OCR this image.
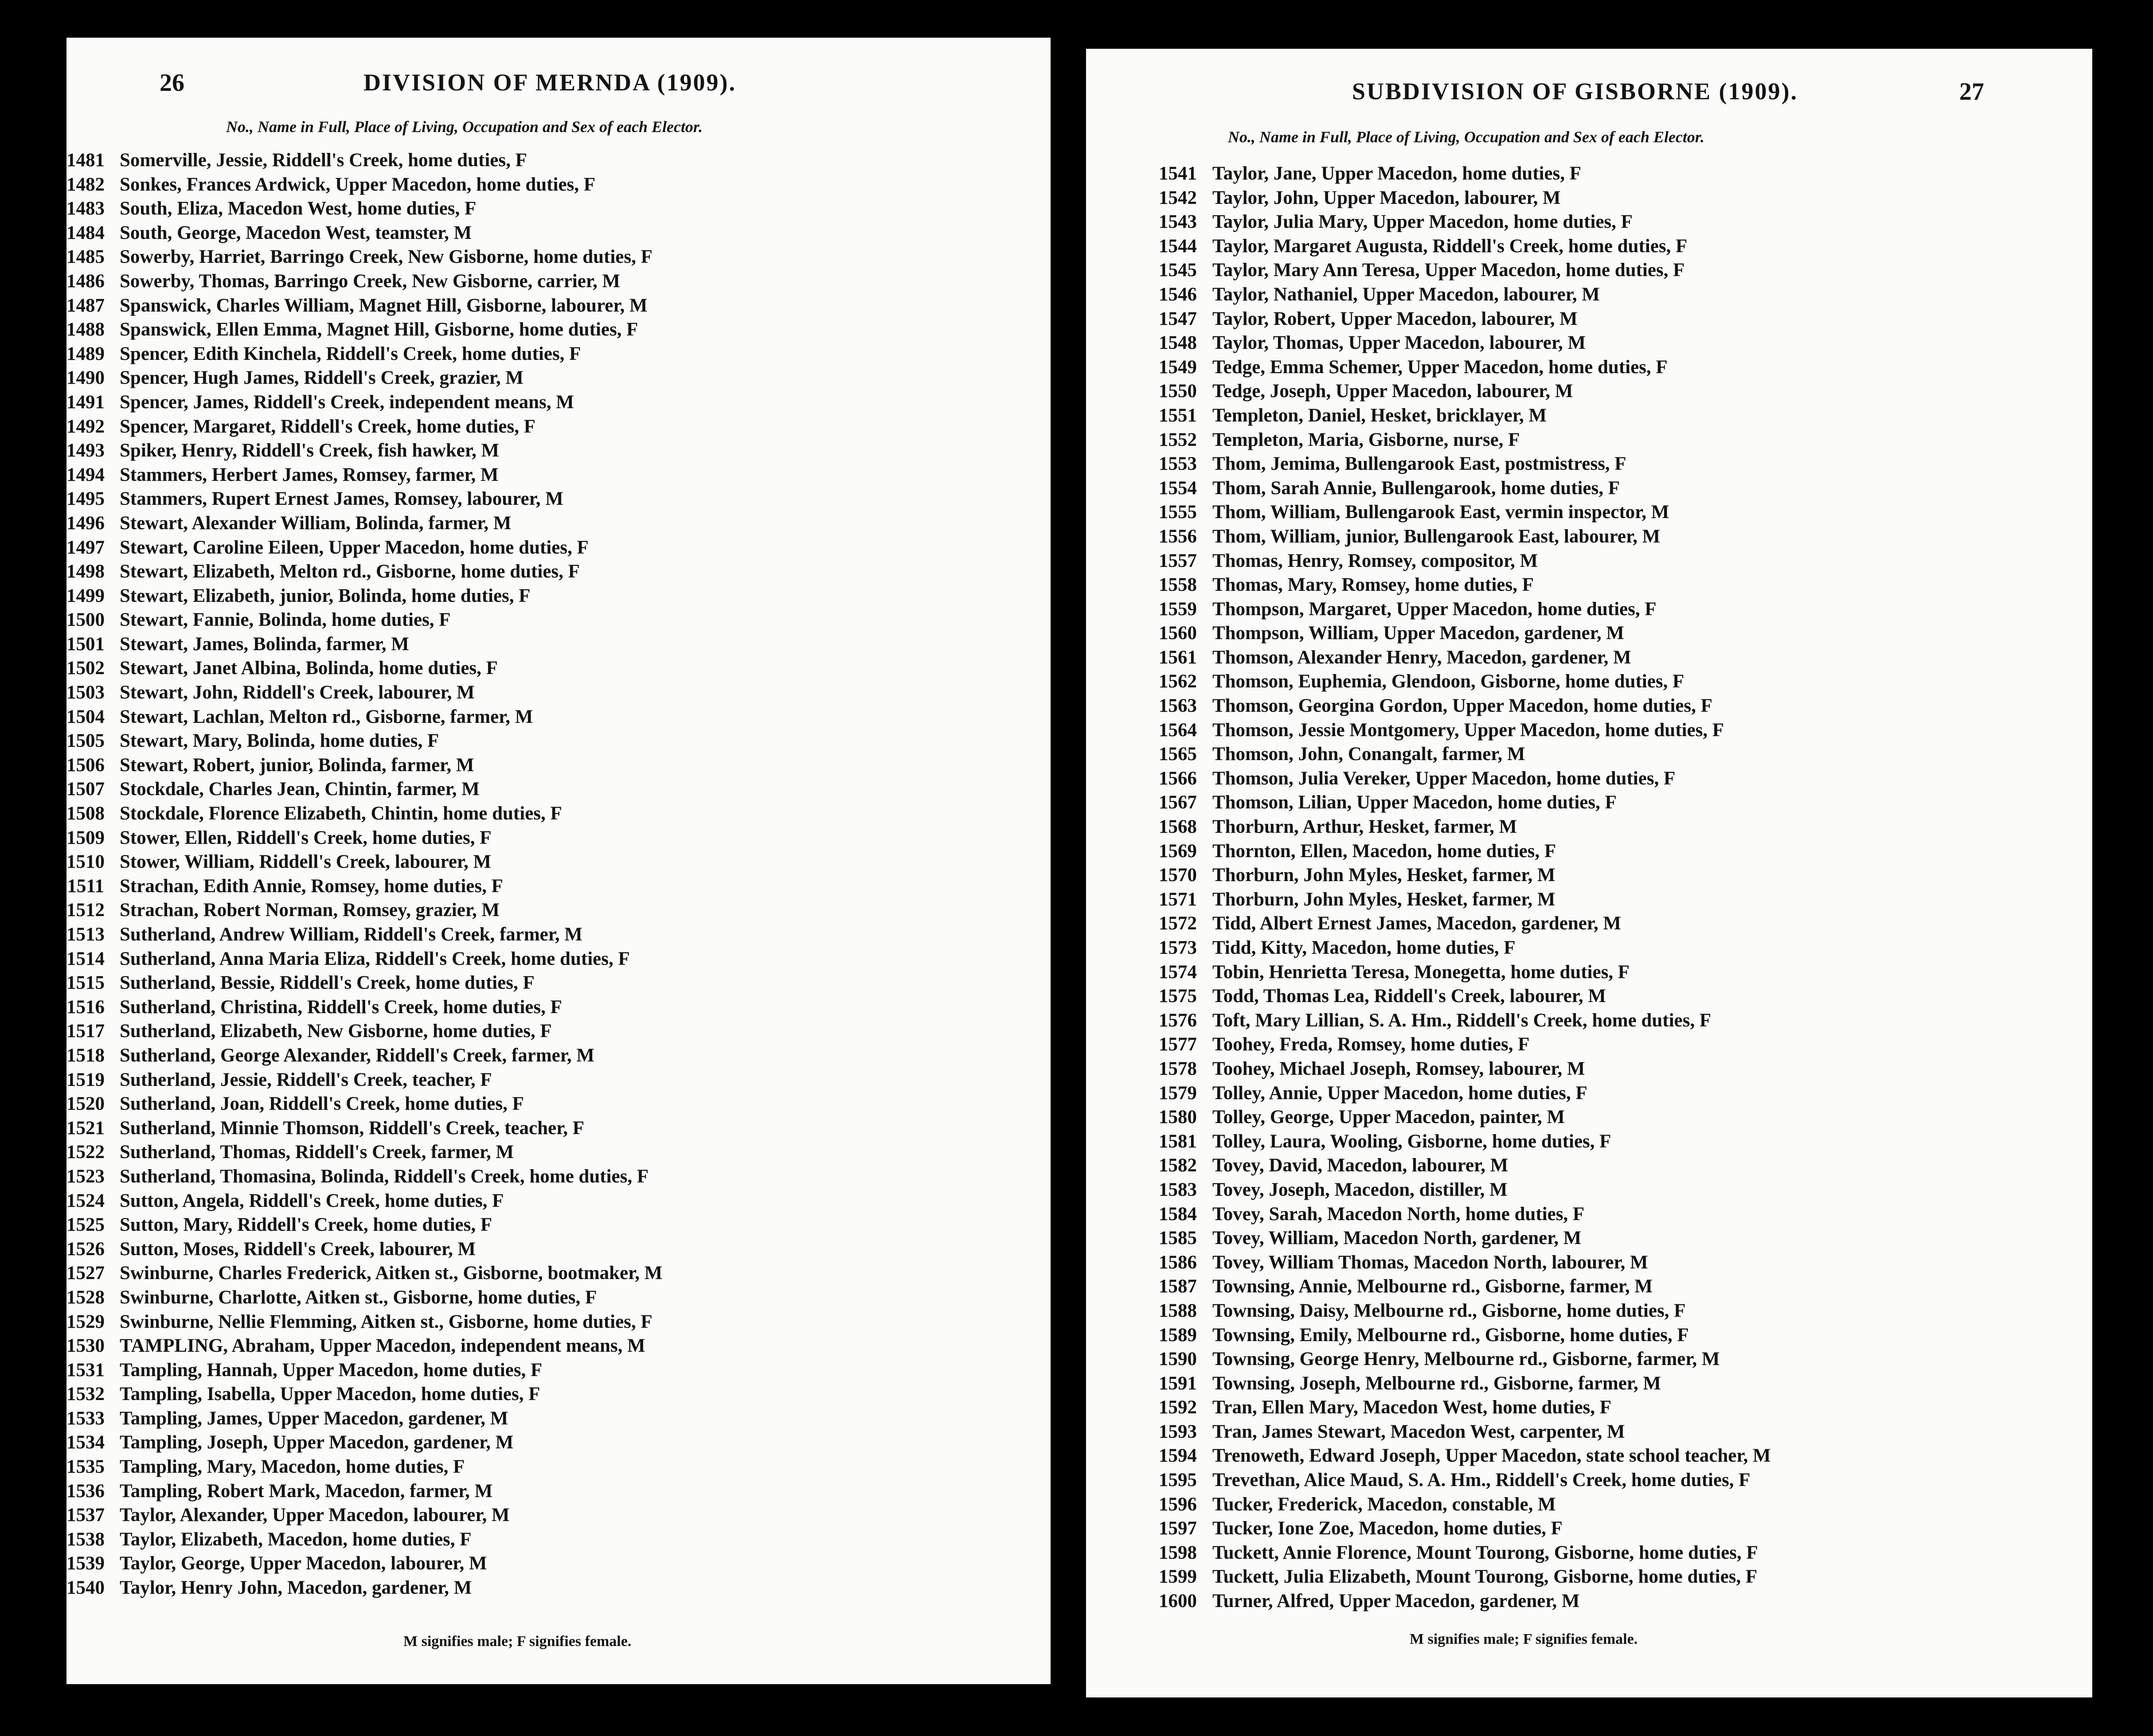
26	DIVISION OF MERNDA (1909).
No., Name in Full, Place of Living, Occupation and Sex of each Elector.
1481 Somerville, Jessie, Riddell's Creek, home duties, F
1482 Sonkes, Frances Ardwick, Upper Macedon, home duties, F
1483 South, Eliza, Macedon West, home duties, F
1484 South, George, Macedon West, teamster, M
1485 Sowerby, Harriet, Barringo Creek, New Gisborne, home duties, F
1486 Sowerby, Thomas, Barringo Creek, New Gisborne, carrier, M
1487 Spanswick, Charles William, Magnet Hill, Gisborne, labourer, M
1488 Spanswick, Ellen Emma, Magnet Hill, Gisborne, home duties, F
1489 Spencer, Edith Kinchela, Riddell's Creek, home duties, F
1490 Spencer, Hugh James, Riddell's Creek, grazier, M
1491 Spencer, James, Riddell's Creek, independent means, M
1492 Spencer, Margaret, Riddell's Creek, home duties, F
1493 Spiker, Henry, Riddell's Creek, fish hawker, M
1494 Stammers, Herbert James, Romsey, farmer, M
1495 Stammers, Rupert Ernest James, Romsey, labourer, M
1496 Stewart, Alexander William, Bolinda, farmer, M
1497 Stewart, Caroline Eileen, Upper Macedon, home duties, F
1498 Stewart, Elizabeth, Melton rd., Gisborne, home duties, F
1499 Stewart, Elizabeth, junior, Bolinda, home duties, F
1500 Stewart, Fannie, Bolinda, home duties, F
1501 Stewart, James, Bolinda, farmer, M
1502 Stewart, Janet Albina, Bolinda, home duties, F
1503 Stewart, John, Riddell's Creek, labourer, M
1504 Stewart, Lachlan, Melton rd., Gisborne, farmer, M
1505 Stewart, Mary, Bolinda, home duties, F
1506 Stewart, Robert, junior, Bolinda, farmer, M
1507 Stockdale, Charles Jean, Chintin, farmer, M
1508 Stockdale, Florence Elizabeth, Chintin, home duties, F
1509 Stower, Ellen, Riddell's Creek, home duties, F
1510 Stower, William, Riddell's Creek, labourer, M
1511 Strachan, Edith Annie, Romsey, home duties, F
1512 Strachan, Robert Norman, Romsey, grazier, M
1513 Sutherland, Andrew William, Riddell's Creek, farmer, M
1514 Sutherland, Anna Maria Eliza, Riddell's Creek, home duties, F
1515 Sutherland, Bessie, Riddell's Creek, home duties, F
1516 Sutherland, Christina, Riddell's Creek, home duties, F
1517 Sutherland, Elizabeth, New Gisborne, home duties, F
1518 Sutherland, George Alexander, Riddell's Creek, farmer, M
1519 Sutherland, Jessie, Riddell's Creek, teacher, F
1520 Sutherland, Joan, Riddell's Creek, home duties, F
1521 Sutherland, Minnie Thomson, Riddell's Creek, teacher, F
1522 Sutherland, Thomas, Riddell's Creek, farmer, M
1523 Sutherland, Thomasina, Bolinda, Riddell's Creek, home duties, F
1524 Sutton, Angela, Riddell's Creek, home duties, F
1525 Sutton, Mary, Riddell's Creek, home duties, F
1526 Sutton, Moses, Riddell's Creek, labourer, M
1527 Swinburne, Charles Frederick, Aitken st., Gisborne, bootmaker, M
1528 Swinburne, Charlotte, Aitken st., Gisborne, home duties, F
1529 Swinburne, Nellie Flemming, Aitken st., Gisborne, home duties, F
1530 TAMPLING, Abraham, Upper Macedon, independent means, M
1531 Tampling, Hannah, Upper Macedon, home duties, F
1532 Tampling, Isabella, Upper Macedon, home duties, F
1533 Tampling, James, Upper Macedon, gardener, M
1534 Tampling, Joseph, Upper Macedon, gardener, M
1535 Tampling, Mary, Macedon, home duties, F
1536 Tampling, Robert Mark, Macedon, farmer, M
1537 Taylor, Alexander, Upper Macedon, labourer, M
1538 Taylor, Elizabeth, Macedon, home duties, F
1539 Taylor, George, Upper Macedon, labourer, M
1540 Taylor, Henry John, Macedon, gardener, M
M signifies male; F signifies female.
SUBDIVISION OF GISBORNE (1909).	27
No., Name in Full, Place of Living, Occupation and Sex of each Elector.
1541 Taylor, Jane, Upper Macedon, home duties, F
1542 Taylor, John, Upper Macedon, labourer, M
1543 Taylor, Julia Mary, Upper Macedon, home duties, F
1544 Taylor, Margaret Augusta, Riddell's Creek, home duties, F
1545 Taylor, Mary Ann Teresa, Upper Macedon, home duties, F
1546 Taylor, Nathaniel, Upper Macedon, labourer, M
1547 Taylor, Robert, Upper Macedon, labourer, M
1548 Taylor, Thomas, Upper Macedon, labourer, M
1549 Tedge, Emma Schemer, Upper Macedon, home duties, F
1550 Tedge, Joseph, Upper Macedon, labourer, M
1551 Templeton, Daniel, Hesket, bricklayer, M
1552 Templeton, Maria, Gisborne, nurse, F
1553 Thom, Jemima, Bullengarook East, postmistress, F
1554 Thom, Sarah Annie, Bullengarook, home duties, F
1555 Thom, William, Bullengarook East, vermin inspector, M
1556 Thom, William, junior, Bullengarook East, labourer, M
1557 Thomas, Henry, Romsey, compositor, M
1558 Thomas, Mary, Romsey, home duties, F
1559 Thompson, Margaret, Upper Macedon, home duties, F
1560 Thompson, William, Upper Macedon, gardener, M
1561 Thomson, Alexander Henry, Macedon, gardener, M
1562 Thomson, Euphemia, Glendoon, Gisborne, home duties, F
1563 Thomson, Georgina Gordon, Upper Macedon, home duties, F
1564 Thomson, Jessie Montgomery, Upper Macedon, home duties, F
1565 Thomson, John, Conangalt, farmer, M
1566 Thomson, Julia Vereker, Upper Macedon, home duties, F
1567 Thomson, Lilian, Upper Macedon, home duties, F
1568 Thorburn, Arthur, Hesket, farmer, M
1569 Thornton, Ellen, Macedon, home duties, F
1570 Thorburn, John Myles, Hesket, farmer, M
1571 Thorburn, John Myles, Hesket, farmer, M
1572 Tidd, Albert Ernest James, Macedon, gardener, M
1573 Tidd, Kitty, Macedon, home duties, F
1574 Tobin, Henrietta Teresa, Monegetta, home duties, F
1575 Todd, Thomas Lea, Riddell's Creek, labourer, M
1576 Toft, Mary Lillian, S. A. Hm., Riddell's Creek, home duties, F
1577 Toohey, Freda, Romsey, home duties, F
1578 Toohey, Michael Joseph, Romsey, labourer, M
1579 Tolley, Annie, Upper Macedon, home duties, F
1580 Tolley, George, Upper Macedon, painter, M
1581 Tolley, Laura, Wooling, Gisborne, home duties, F
1582 Tovey, David, Macedon, labourer, M
1583 Tovey, Joseph, Macedon, distiller, M
1584 Tovey, Sarah, Macedon North, home duties, F
1585 Tovey, William, Macedon North, gardener, M
1586 Tovey, William Thomas, Macedon North, labourer, M
1587 Townsing, Annie, Melbourne rd., Gisborne, farmer, M
1588 Townsing, Daisy, Melbourne rd., Gisborne, home duties, F
1589 Townsing, Emily, Melbourne rd., Gisborne, home duties, F
1590 Townsing, George Henry, Melbourne rd., Gisborne, farmer, M
1591 Townsing, Joseph, Melbourne rd., Gisborne, farmer, M
1592 Tran, Ellen Mary, Macedon West, home duties, F
1593 Tran, James Stewart, Macedon West, carpenter, M
1594 Trenoweth, Edward Joseph, Upper Macedon, state school teacher, M
1595 Trevethan, Alice Maud, S. A. Hm., Riddell's Creek, home duties, F
1596 Tucker, Frederick, Macedon, constable, M
1597 Tucker, Ione Zoe, Macedon, home duties, F
1598 Tuckett, Annie Florence, Mount Tourong, Gisborne, home duties, F
1599 Tuckett, Julia Elizabeth, Mount Tourong, Gisborne, home duties, F
1600 Turner, Alfred, Upper Macedon, gardener, M
M signifies male; F signifies female.
